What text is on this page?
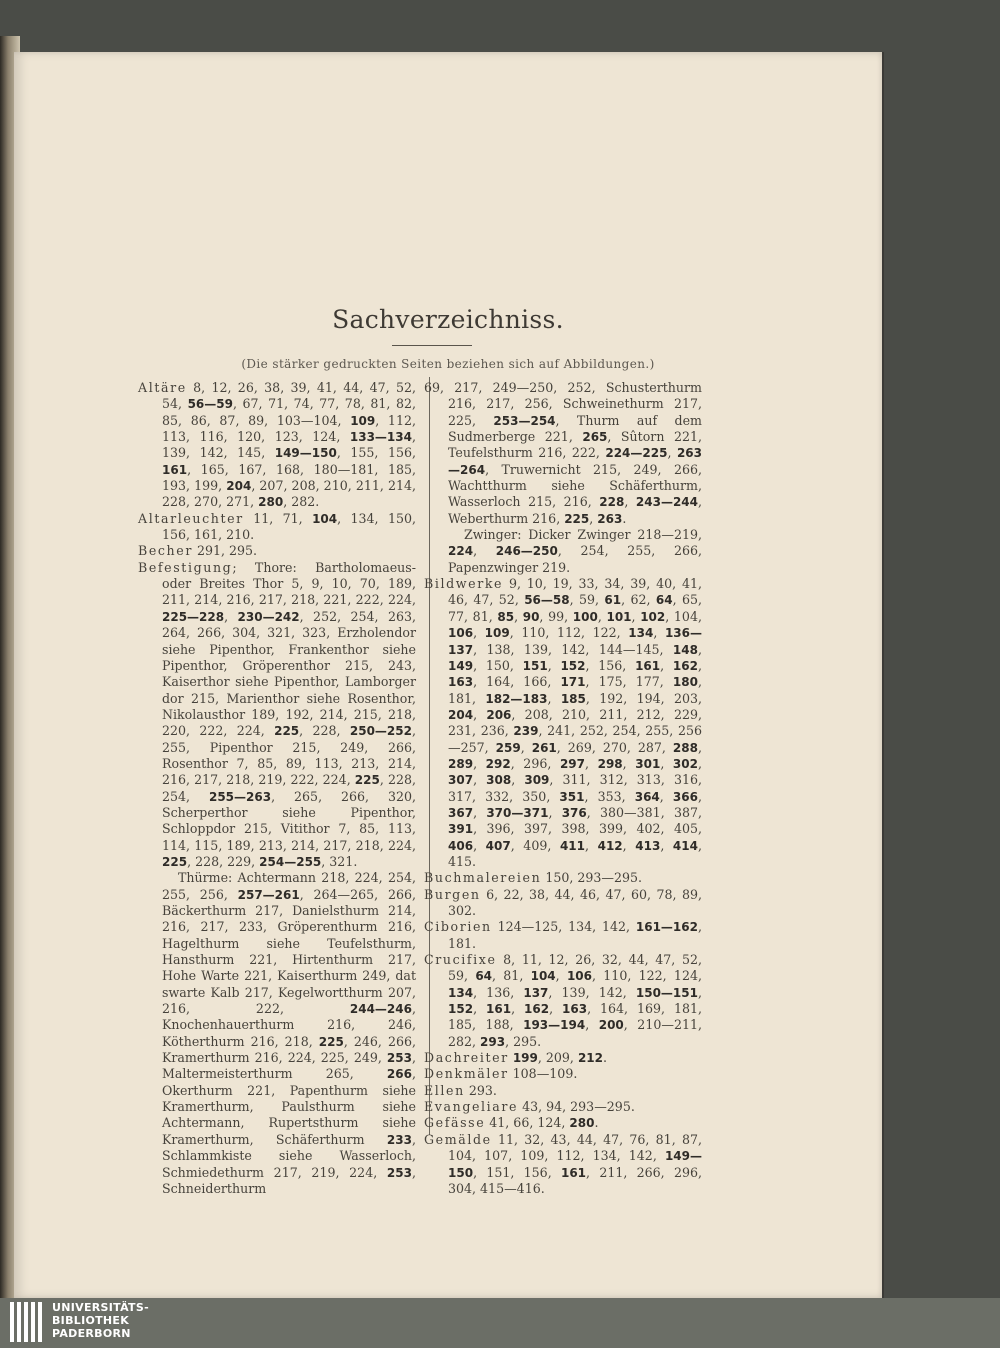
Sachverzeichniss.
(Die stärker gedruckten Seiten beziehen sich auf Abbildungen.)

Altäre 8, 12, 26, 38, 39, 41, 44, 47, 52, 54, 56—59, 67, 71, 74, 77, 78, 81, 82, 85, 86, 87, 89, 103—104, 109, 112, 113, 116, 120, 123, 124, 133—134, 139, 142, 145, 149—150, 155, 156, 161, 165, 167, 168, 180—181, 185, 193, 199, 204, 207, 208, 210, 211, 214, 228, 270, 271, 280, 282.

Altarleuchter 11, 71, 104, 134, 150, 156, 161, 210.

Becher 291, 295.

Befestigung; Thore: Bartholomaeus-oder Breites Thor 5, 9, 10, 70, 189, 211, 214, 216, 217, 218, 221, 222, 224, 225—228, 230—242, 252, 254, 263, 264, 266, 304, 321, 323, Erzholendor siehe Pipenthor, Frankenthor siehe Pipenthor, Gröperenthor 215, 243, Kaiserthor siehe Pipenthor, Lamborger dor 215, Marienthor siehe Rosenthor, Nikolausthor 189, 192, 214, 215, 218, 220, 222, 224, 225, 228, 250—252, 255, Pipenthor 215, 249, 266, Rosenthor 7, 85, 89, 113, 213, 214, 216, 217, 218, 219, 222, 224, 225, 228, 254, 255—263, 265, 266, 320, Scherperthor siehe Pipenthor, Schloppdor 215, Vitithor 7, 85, 113, 114, 115, 189, 213, 214, 217, 218, 224, 225, 228, 229, 254—255, 321.

Thürme: Achtermann 218, 224, 254, 255, 256, 257—261, 264—265, 266, Bäckerthurm 217, Danielsthurm 214, 216, 217, 233, Gröperenthurm 216, Hagelthurm siehe Teufelsthurm, Hansthurm 221, Hirtenthurm 217, Hohe Warte 221, Kaiserthurm 249, dat swarte Kalb 217, Kegelwortthurm 207, 216, 222, 244—246, Knochenhauerthurm 216, 246, Kötherthurm 216, 218, 225, 246, 266, Kramerthurm 216, 224, 225, 249, 253, Maltermeisterthurm 265, 266, Okerthurm 221, Papenthurm siehe Kramerthurm, Paulsthurm siehe Achtermann, Rupertsthurm siehe Kramerthurm, Schäferthurm 233, Schlammkiste siehe Wasserloch, Schmiedethurm 217, 219, 224, 253, Schneiderthurm

69, 217, 249—250, 252, Schusterthurm 216, 217, 256, Schweinethurm 217, 225, 253—254, Thurm auf dem Sudmerberge 221, 265, Sûtorn 221, Teufelsthurm 216, 222, 224—225, 263—264, Truwernicht 215, 249, 266, Wachtthurm siehe Schäferthurm, Wasserloch 215, 216, 228, 243—244, Weberthurm 216, 225, 263.

Zwinger: Dicker Zwinger 218—219, 224, 246—250, 254, 255, 266, Papenzwinger 219.

Bildwerke 9, 10, 19, 33, 34, 39, 40, 41, 46, 47, 52, 56—58, 59, 61, 62, 64, 65, 77, 81, 85, 90, 99, 100, 101, 102, 104, 106, 109, 110, 112, 122, 134, 136—137, 138, 139, 142, 144—145, 148, 149, 150, 151, 152, 156, 161, 162, 163, 164, 166, 171, 175, 177, 180, 181, 182—183, 185, 192, 194, 203, 204, 206, 208, 210, 211, 212, 229, 231, 236, 239, 241, 252, 254, 255, 256—257, 259, 261, 269, 270, 287, 288, 289, 292, 296, 297, 298, 301, 302, 307, 308, 309, 311, 312, 313, 316, 317, 332, 350, 351, 353, 364, 366, 367, 370—371, 376, 380—381, 387, 391, 396, 397, 398, 399, 402, 405, 406, 407, 409, 411, 412, 413, 414, 415.

Buchmalereien 150, 293—295.

Burgen 6, 22, 38, 44, 46, 47, 60, 78, 89, 302.

Ciborien 124—125, 134, 142, 161—162, 181.

Crucifixe 8, 11, 12, 26, 32, 44, 47, 52, 59, 64, 81, 104, 106, 110, 122, 124, 134, 136, 137, 139, 142, 150—151, 152, 161, 162, 163, 164, 169, 181, 185, 188, 193—194, 200, 210—211, 282, 293, 295.

Dachreiter 199, 209, 212.

Denkmäler 108—109.

Ellen 293.

Evangeliare 43, 94, 293—295.

Gefässe 41, 66, 124, 280.

Gemälde 11, 32, 43, 44, 47, 76, 81, 87, 104, 107, 109, 112, 134, 142, 149—150, 151, 156, 161, 211, 266, 296, 304, 415—416.

UNIVERSITÄTS-
BIBLIOTHEK
PADERBORN
